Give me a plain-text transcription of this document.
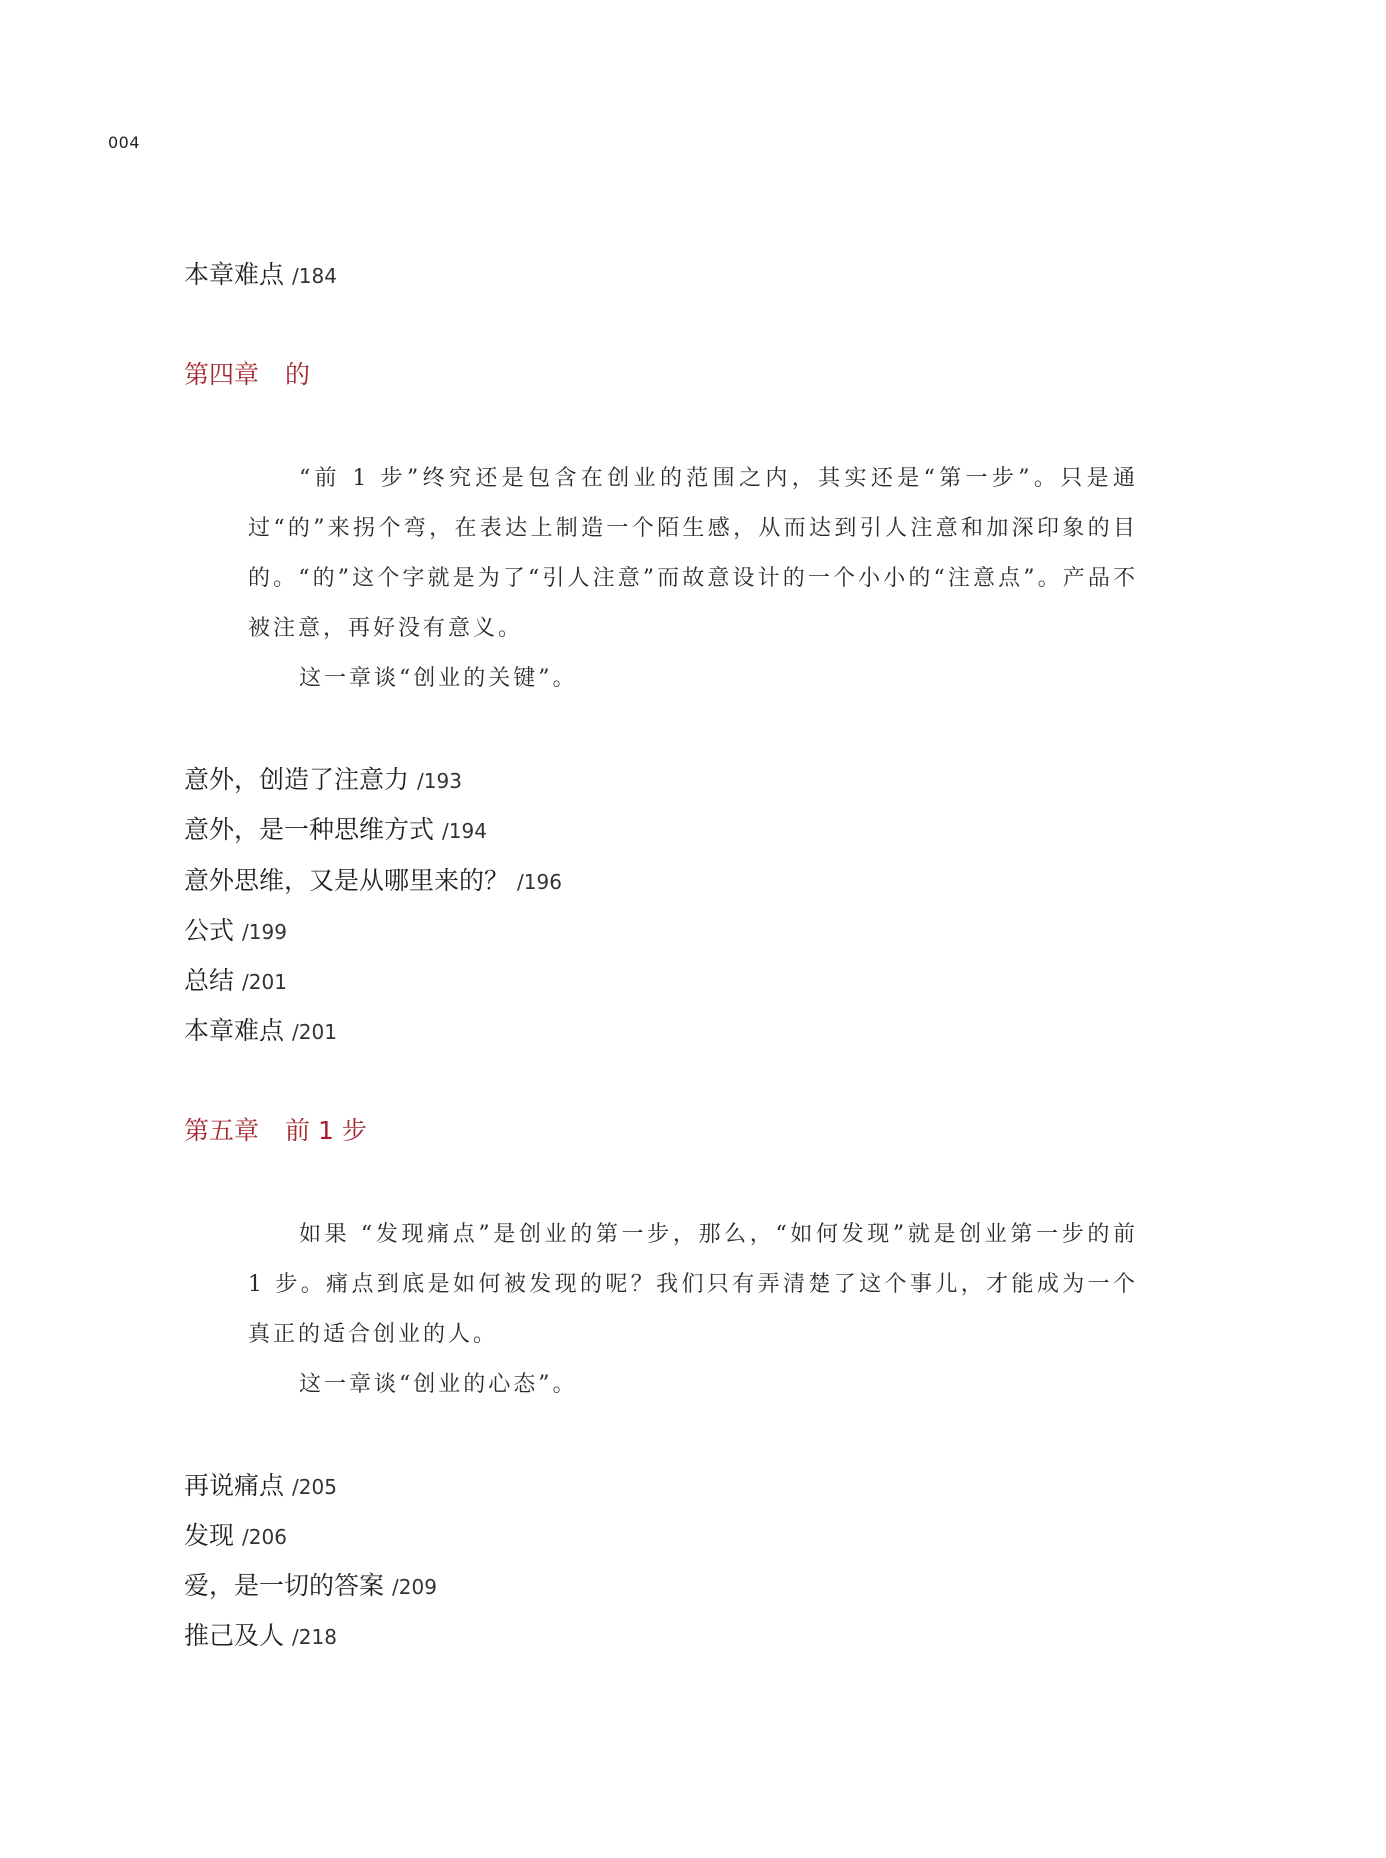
004
本章难点 /184
第四章 的

“前 1 步”终究还是包含在创业的范围之内，其实还是“第一步”。只是通过“的”来拐个弯，在表达上制造一个陌生感，从而达到引人注意和加深印象的目的。“的”这个字就是为了“引人注意”而故意设计的一个小小的“注意点”。产品不被注意，再好没有意义。

这一章谈“创业的关键”。

意外，创造了注意力 /193
意外，是一种思维方式 /194
意外思维，又是从哪里来的？ /196
公式 /199
总结 /201
本章难点 /201
第五章 前 1 步

如果 “发现痛点”是创业的第一步，那么，“如何发现”就是创业第一步的前 1 步。痛点到底是如何被发现的呢？我们只有弄清楚了这个事儿，才能成为一个真正的适合创业的人。

这一章谈“创业的心态”。

再说痛点 /205
发现 /206
爱，是一切的答案 /209
推己及人 /218
